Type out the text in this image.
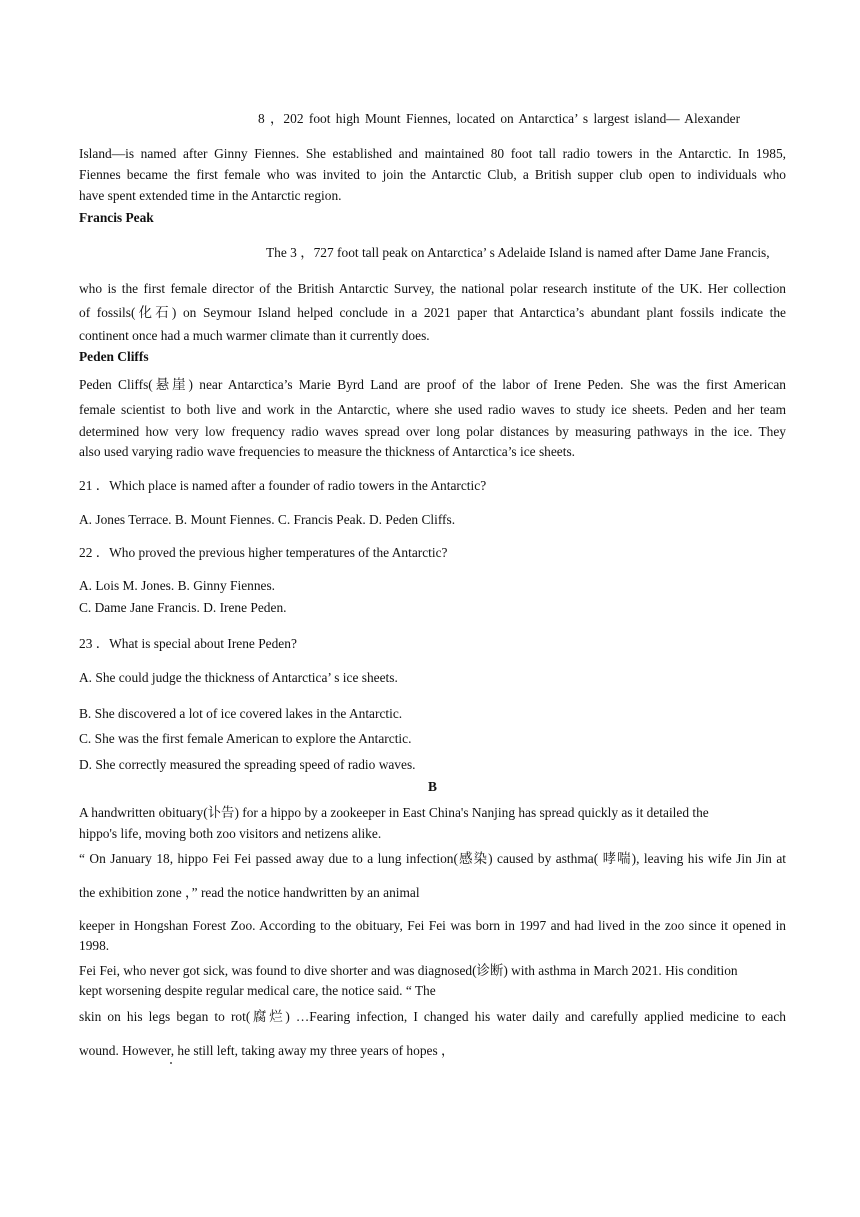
8 ，202 foot high Mount Fiennes, located on Antarctica’ s largest island— Alexander
Island—is named after Ginny Fiennes. She established and maintained 80 foot tall radio towers in the Antarctic. In 1985,
Fiennes became the first female who was invited to join the Antarctic Club, a British supper club open to individuals who
have spent extended time in the Antarctic region.
Francis Peak
The 3 ，727 foot tall peak on Antarctica’ s Adelaide Island is named after Dame Jane Francis,
who is the first female director of the British Antarctic Survey, the national polar research institute of the UK. Her collection
of fossils(化石) on Seymour Island helped conclude in a 2021 paper that Antarctica’s abundant plant fossils indicate the
continent once had a much warmer climate than it currently does.
Peden Cliffs
Peden Cliffs(悬崖) near Antarctica’s Marie Byrd Land are proof of the labor of Irene Peden. She was the first American
female scientist to both live and work in the Antarctic, where she used radio waves to study ice sheets. Peden and her team
determined how very low frequency radio waves spread over long polar distances by measuring pathways in the ice. They
also used varying radio wave frequencies to measure the thickness of Antarctica’s ice sheets.
21 ．Which place is named after a founder of radio towers in the Antarctic?
A. Jones Terrace. B. Mount Fiennes. C. Francis Peak. D. Peden Cliffs.
22 ．Who proved the previous higher temperatures of the Antarctic?
A. Lois M. Jones. B. Ginny Fiennes.
C. Dame Jane Francis. D. Irene Peden.
23 ．What is special about Irene Peden?
A. She could judge the thickness of Antarctica’ s ice sheets.
B. She discovered a lot of ice covered lakes in the Antarctic.
C. She was the first female American to explore the Antarctic.
D. She correctly measured the spreading speed of radio waves.
B
A handwritten obituary(讣告) for a hippo by a zookeeper in East China's Nanjing has spread quickly as it detailed the
hippo's life, moving both zoo visitors and netizens alike.
“ On January 18, hippo Fei Fei passed away due to a lung infection(感染) caused by asthma( 哮喘), leaving his wife Jin Jin at
the exhibition zone ，” read the notice handwritten by an animal
keeper in Hongshan Forest Zoo. According to the obituary, Fei Fei was born in 1997 and had lived in the zoo since it opened in
1998.
Fei Fei, who never got sick, was found to dive shorter and was diagnosed(诊断) with asthma in March 2021. His condition
kept worsening despite regular medical care, the notice said. “ The
skin on his legs began to rot(腐烂) …Fearing infection, I changed his water daily and carefully applied medicine to each
wound. However, he still left, taking away my three years of hopes ，
